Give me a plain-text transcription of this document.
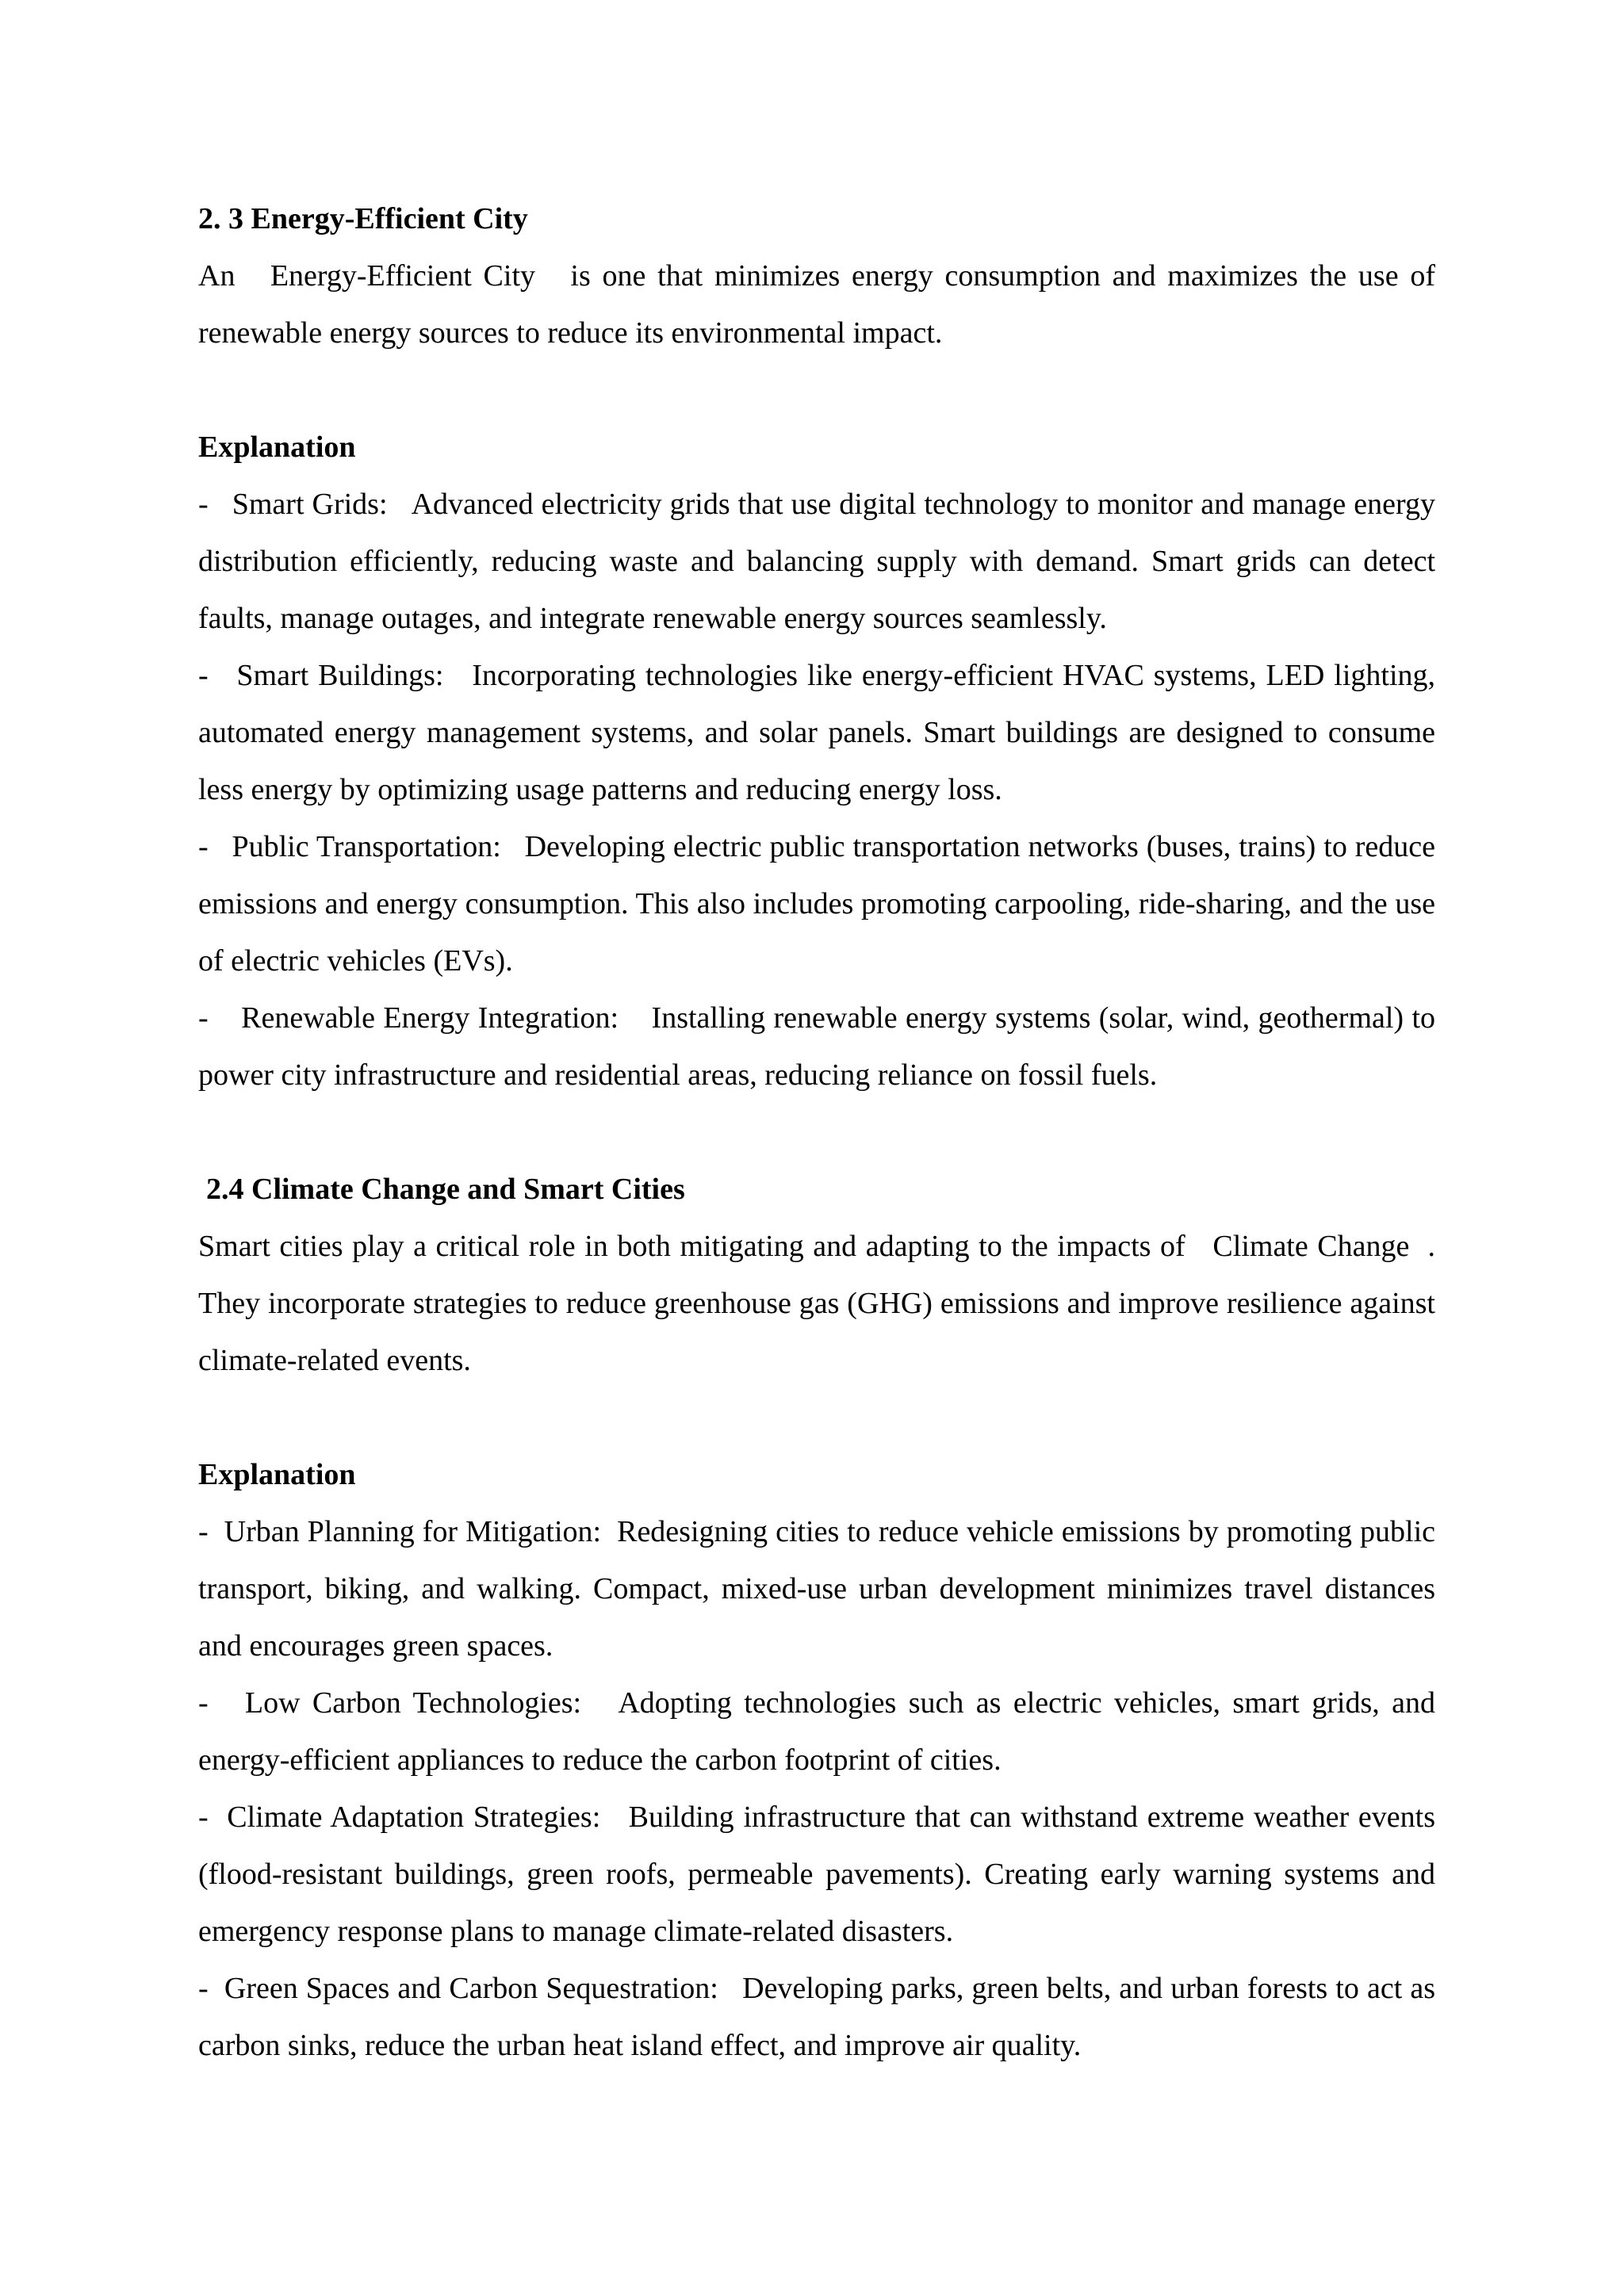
2. 3 Energy-Efficient City

An   Energy-Efficient City   is one that minimizes energy consumption and maximizes the use of renewable energy sources to reduce its environmental impact.

Explanation

- Smart Grids: Advanced electricity grids that use digital technology to monitor and manage energy distribution efficiently, reducing waste and balancing supply with demand. Smart grids can detect faults, manage outages, and integrate renewable energy sources seamlessly.

- Smart Buildings: Incorporating technologies like energy-efficient HVAC systems, LED lighting, automated energy management systems, and solar panels. Smart buildings are designed to consume less energy by optimizing usage patterns and reducing energy loss.

- Public Transportation: Developing electric public transportation networks (buses, trains) to reduce emissions and energy consumption. This also includes promoting carpooling, ride-sharing, and the use of electric vehicles (EVs).

- Renewable Energy Integration: Installing renewable energy systems (solar, wind, geothermal) to power city infrastructure and residential areas, reducing reliance on fossil fuels.

2.4 Climate Change and Smart Cities

Smart cities play a critical role in both mitigating and adapting to the impacts of   Climate Change . They incorporate strategies to reduce greenhouse gas (GHG) emissions and improve resilience against climate-related events.

Explanation

- Urban Planning for Mitigation: Redesigning cities to reduce vehicle emissions by promoting public transport, biking, and walking. Compact, mixed-use urban development minimizes travel distances and encourages green spaces.

- Low Carbon Technologies: Adopting technologies such as electric vehicles, smart grids, and energy-efficient appliances to reduce the carbon footprint of cities.

- Climate Adaptation Strategies: Building infrastructure that can withstand extreme weather events (flood-resistant buildings, green roofs, permeable pavements). Creating early warning systems and emergency response plans to manage climate-related disasters.

- Green Spaces and Carbon Sequestration: Developing parks, green belts, and urban forests to act as carbon sinks, reduce the urban heat island effect, and improve air quality.
